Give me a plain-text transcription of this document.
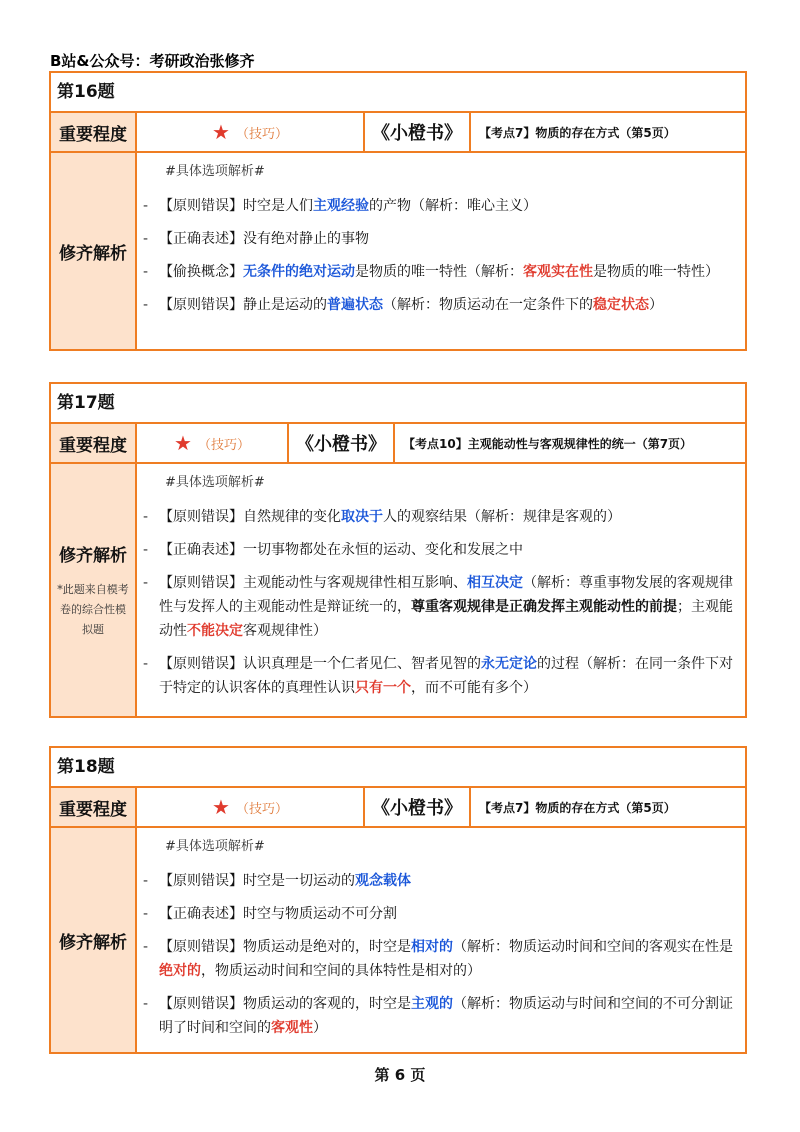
B站&公众号：考研政治张修齐
第16题
重要程度	★ （技巧）	《小橙书》	【考点7】物质的存在方式（第5页）
修齐解析
#具体选项解析#
- 【原则错误】时空是人们主观经验的产物（解析：唯心主义）
- 【正确表述】没有绝对静止的事物
- 【偷换概念】无条件的绝对运动是物质的唯一特性（解析：客观实在性是物质的唯一特性）
- 【原则错误】静止是运动的普遍状态（解析：物质运动在一定条件下的稳定状态）
第17题
重要程度	★ （技巧）	《小橙书》	【考点10】主观能动性与客观规律性的统一（第7页）
修齐解析
*此题来自模考卷的综合性模拟题
#具体选项解析#
- 【原则错误】自然规律的变化取决于人的观察结果（解析：规律是客观的）
- 【正确表述】一切事物都处在永恒的运动、变化和发展之中
- 【原则错误】主观能动性与客观规律性相互影响、相互决定（解析：尊重事物发展的客观规律性与发挥人的主观能动性是辩证统一的，尊重客观规律是正确发挥主观能动性的前提；主观能动性不能决定客观规律性）
- 【原则错误】认识真理是一个仁者见仁、智者见智的永无定论的过程（解析：在同一条件下对于特定的认识客体的真理性认识只有一个，而不可能有多个）
第18题
重要程度	★ （技巧）	《小橙书》	【考点7】物质的存在方式（第5页）
修齐解析
#具体选项解析#
- 【原则错误】时空是一切运动的观念载体
- 【正确表述】时空与物质运动不可分割
- 【原则错误】物质运动是绝对的，时空是相对的（解析：物质运动时间和空间的客观实在性是绝对的，物质运动时间和空间的具体特性是相对的）
- 【原则错误】物质运动的客观的，时空是主观的（解析：物质运动与时间和空间的不可分割证明了时间和空间的客观性）
第 6 页
